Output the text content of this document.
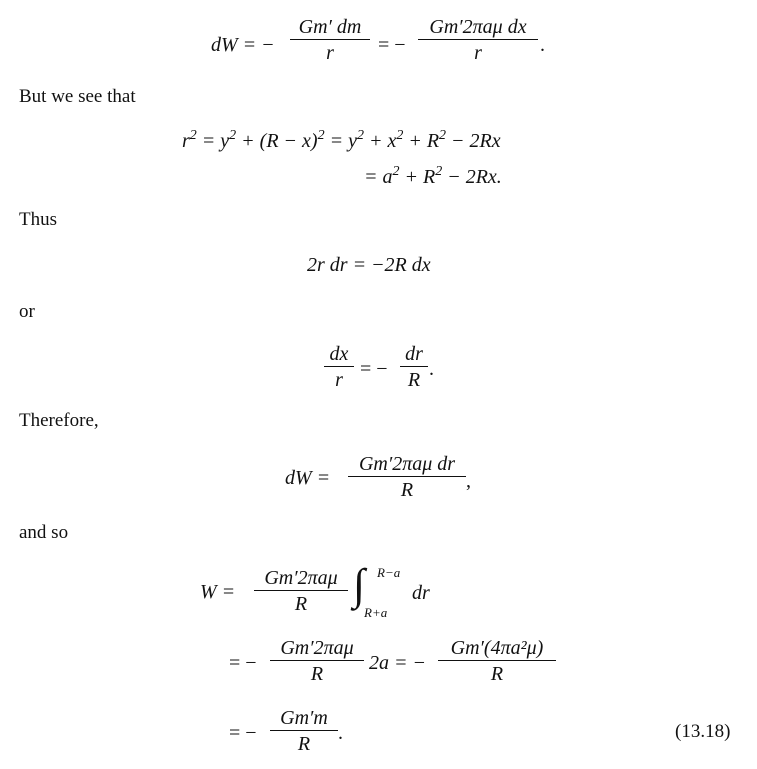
dW = −
Gm′ dm
r	= −
Gm′2πaμ dx
r	.
But we see that
$r^2 = y^2 + (R - x)^2 = y^2 + x^2 + R^2 - 2Rx$
= $a^2 + R^2 - 2Rx$.
Thus
2r dr = −2R dx
or
dx
r = −
dr
R .
Therefore,
dW =
Gm′2πaμ dr
R	,
and so
W =
Gm′2πaμ
R	∫ R−a
R+a
dr
= −
Gm′2πaμ
R	2a = −
Gm′(4πa²μ)
R
= −
Gm′m
R	.	(13.18)
